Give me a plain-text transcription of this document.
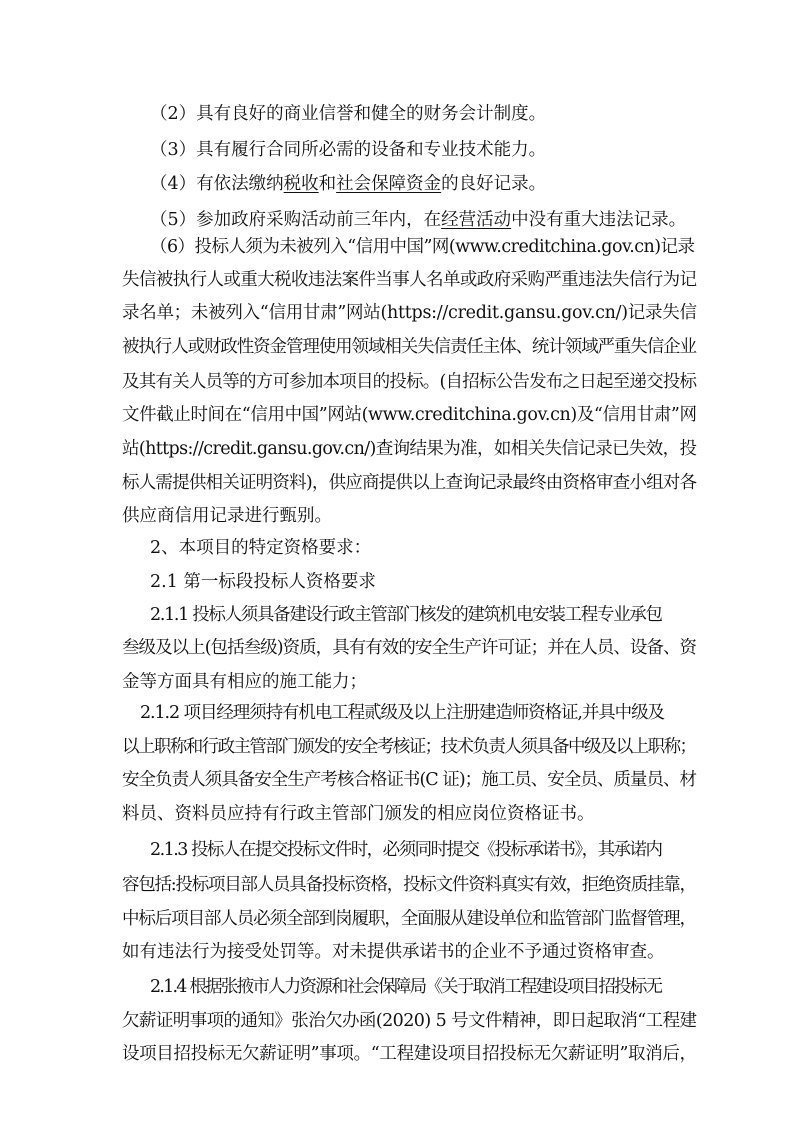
（2）具有良好的商业信誉和健全的财务会计制度。
（3）具有履行合同所必需的设备和专业技术能力。
（4）有依法缴纳税收和社会保障资金的良好记录。
（5）参加政府采购活动前三年内，在经营活动中没有重大违法记录。
（6）投标人须为未被列入“信用中国”网(www.creditchina.gov.cn)记录
失信被执行人或重大税收违法案件当事人名单或政府采购严重违法失信行为记
录名单；未被列入“信用甘肃”网站(https://credit.gansu.gov.cn/)记录失信
被执行人或财政性资金管理使用领域相关失信责任主体、统计领域严重失信企业
及其有关人员等的方可参加本项目的投标。(自招标公告发布之日起至递交投标
文件截止时间在“信用中国”网站(www.creditchina.gov.cn)及“信用甘肃”网
站(https://credit.gansu.gov.cn/)查询结果为准，如相关失信记录已失效，投
标人需提供相关证明资料)，供应商提供以上查询记录最终由资格审查小组对各
供应商信用记录进行甄别。
2、本项目的特定资格要求：
2.1 第一标段投标人资格要求
2.1.1 投标人须具备建设行政主管部门核发的建筑机电安装工程专业承包
叁级及以上(包括叁级)资质，具有有效的安全生产许可证；并在人员、设备、资
金等方面具有相应的施工能力；
2.1.2 项目经理须持有机电工程贰级及以上注册建造师资格证,并具中级及
以上职称和行政主管部门颁发的安全考核证；技术负责人须具备中级及以上职称；
安全负责人须具备安全生产考核合格证书(C 证)；施工员、安全员、质量员、材
料员、资料员应持有行政主管部门颁发的相应岗位资格证书。
2.1.3 投标人在提交投标文件时，必须同时提交《投标承诺书》，其承诺内
容包括:投标项目部人员具备投标资格，投标文件资料真实有效，拒绝资质挂靠，
中标后项目部人员必须全部到岗履职，全面服从建设单位和监管部门监督管理，
如有违法行为接受处罚等。对未提供承诺书的企业不予通过资格审查。
2.1.4 根据张掖市人力资源和社会保障局《关于取消工程建设项目招投标无
欠薪证明事项的通知》张治欠办函(2020) 5 号文件精神，即日起取消“工程建
设项目招投标无欠薪证明”事项。“工程建设项目招投标无欠薪证明”取消后，
